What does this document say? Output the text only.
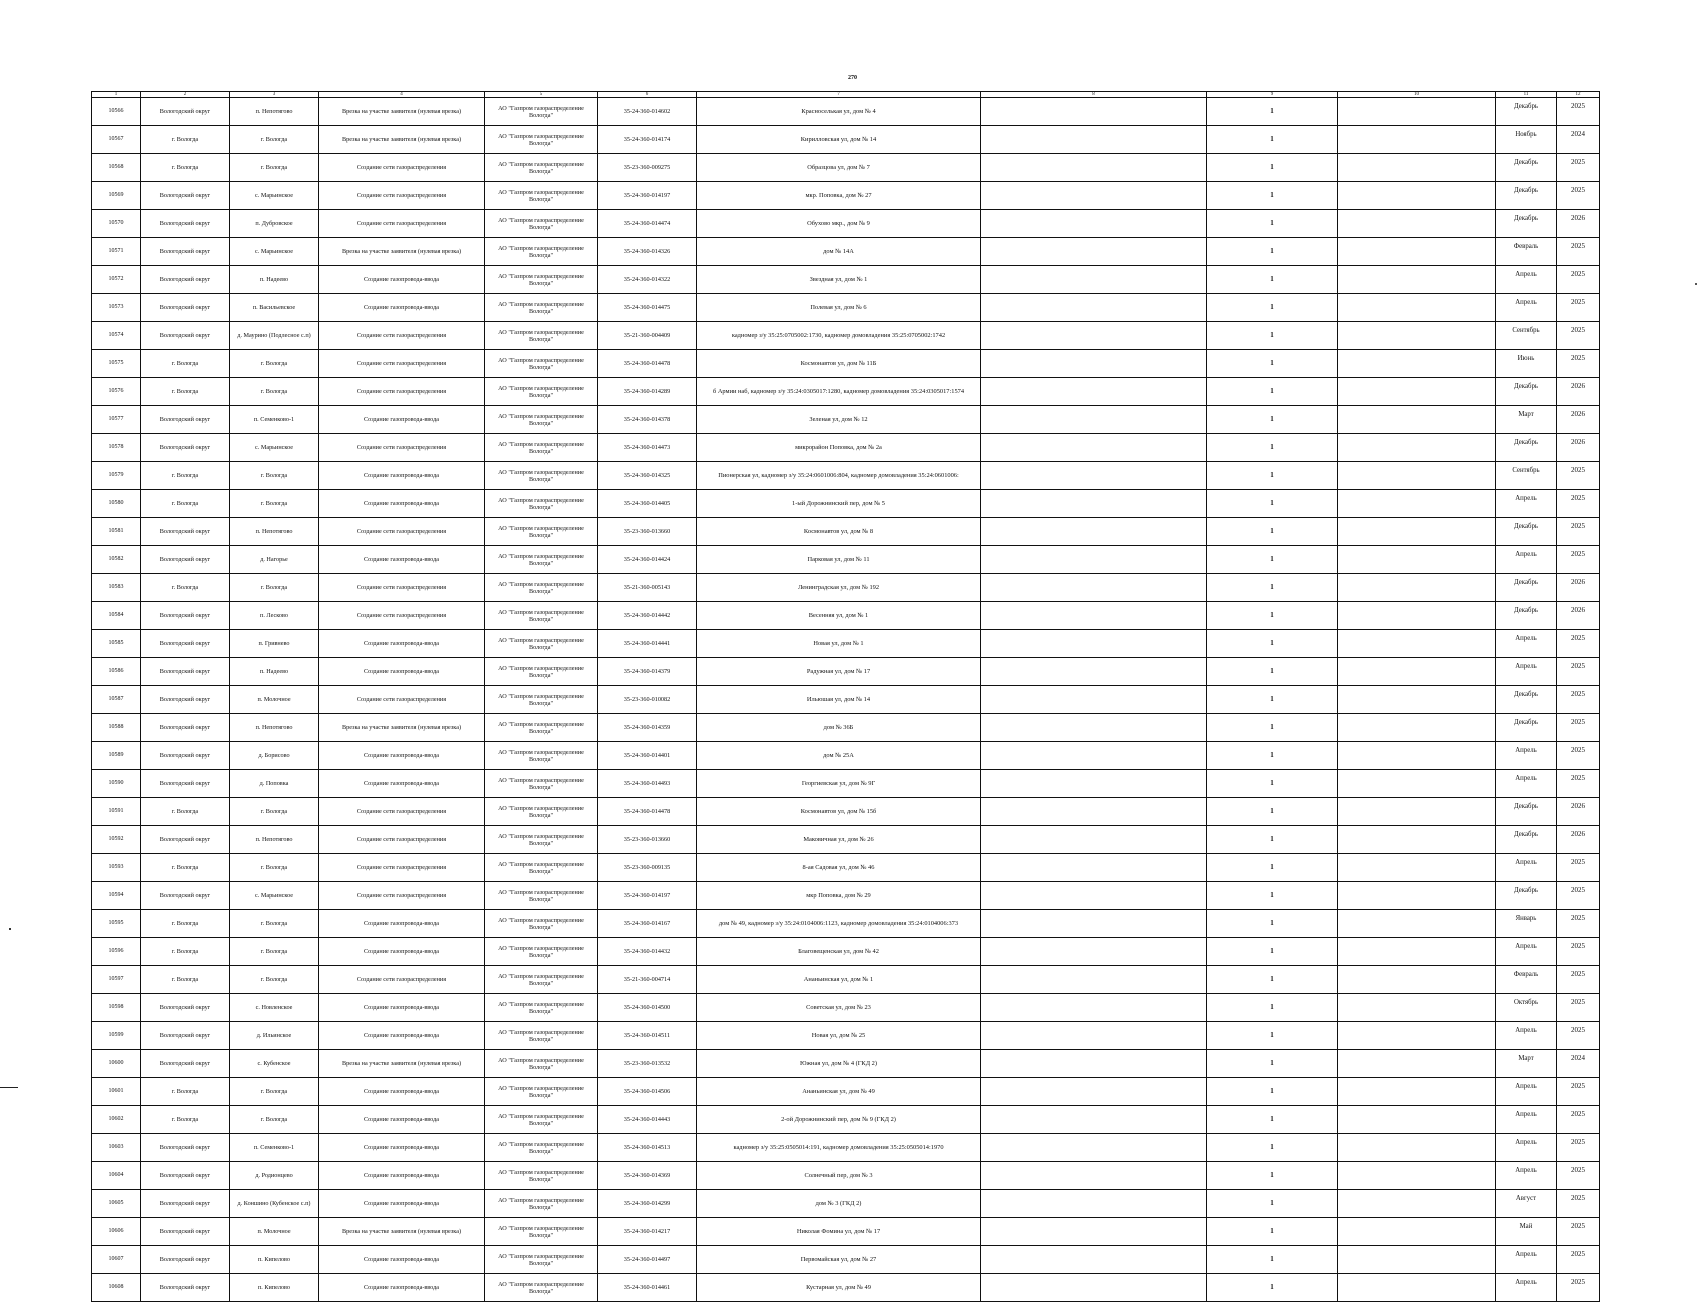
270
1	2	3	4	5	6	7	8	9	10	11	12
10566	Вологодский округ	п. Непотягово	Врезка на участке заявителя (нулевая врезка)	АО "Газпром газораспределение Вологда"	35-24-360-014602	Красноселькая ул, дом № 4		1		Декабрь	2025
10567	г. Вологда	г. Вологда	Врезка на участке заявителя (нулевая врезка)	АО "Газпром газораспределение Вологда"	35-24-360-014174	Кирилловская ул, дом № 14		1		Ноябрь	2024
10568	г. Вологда	г. Вологда	Создание сети газораспределения	АО "Газпром газораспределение Вологда"	35-23-360-009275	Образцова ул, дом № 7		1		Декабрь	2025
10569	Вологодский округ	с. Марьинское	Создание сети газораспределения	АО "Газпром газораспределение Вологда"	35-24-360-014197	мкр. Поповка, дом № 27		1		Декабрь	2025
10570	Вологодский округ	п. Дубровское	Создание сети газораспределения	АО "Газпром газораспределение Вологда"	35-24-360-014474	Обухово мкр., дом № 9		1		Декабрь	2026
10571	Вологодский округ	с. Марьинское	Врезка на участке заявителя (нулевая врезка)	АО "Газпром газораспределение Вологда"	35-24-360-014326	дом № 14А		1		Февраль	2025
10572	Вологодский округ	п. Надеево	Создание газопровода-ввода	АО "Газпром газораспределение Вологда"	35-24-360-014322	Звездная ул, дом № 1		1		Апрель	2025
10573	Вологодский округ	п. Васильевское	Создание газопровода-ввода	АО "Газпром газораспределение Вологда"	35-24-360-014475	Полевая ул, дом № 6		1		Апрель	2025
10574	Вологодский округ	д. Маурино (Подлесное с.п)	Создание сети газораспределения	АО "Газпром газораспределение Вологда"	35-21-360-004409	кадномер з/у 35:25:0705002:1730, кадномер домовладения 35:25:0705002:1742		1		Сентябрь	2025
10575	г. Вологда	г. Вологда	Создание сети газораспределения	АО "Газпром газораспределение Вологда"	35-24-360-014478	Космонавтов ул, дом № 11Б		1		Июнь	2025
10576	г. Вологда	г. Вологда	Создание сети газораспределения	АО "Газпром газораспределение Вологда"	35-24-360-014289	б Армии наб, кадномер з/у 35:24:0305017:1280, кадномер домовладения 35:24:0305017:1574		1		Декабрь	2026
10577	Вологодский округ	п. Семенково-1	Создание газопровода-ввода	АО "Газпром газораспределение Вологда"	35-24-360-014378	Зеленая ул, дом № 12		1		Март	2026
10578	Вологодский округ	с. Марьинское	Создание сети газораспределения	АО "Газпром газораспределение Вологда"	35-24-360-014473	микрорайон Поповка, дом № 2а		1		Декабрь	2026
10579	г. Вологда	г. Вологда	Создание газопровода-ввода	АО "Газпром газораспределение Вологда"	35-24-360-014325	Пионерская ул, кадномер з/у 35:24:0601006:804, кадномер домовладения 35:24:0601006:		1		Сентябрь	2025
10580	г. Вологда	г. Вологда	Создание газопровода-ввода	АО "Газпром газораспределение Вологда"	35-24-360-014405	1-ый Дорожнинский пер, дом № 5		1		Апрель	2025
10581	Вологодский округ	п. Непотягово	Создание сети газораспределения	АО "Газпром газораспределение Вологда"	35-23-360-013660	Космонавтов ул, дом № 8		1		Декабрь	2025
10582	Вологодский округ	д. Нагорье	Создание газопровода-ввода	АО "Газпром газораспределение Вологда"	35-24-360-014424	Парковая ул, дом № 11		1		Апрель	2025
10583	г. Вологда	г. Вологда	Создание сети газораспределения	АО "Газпром газораспределение Вологда"	35-21-360-005143	Ленинградская ул, дом № 192		1		Декабрь	2026
10584	Вологодский округ	п. Лесково	Создание сети газораспределения	АО "Газпром газораспределение Вологда"	35-24-360-014442	Весенняя ул, дом № 1		1		Декабрь	2026
10585	Вологодский округ	п. Гривнево	Создание газопровода-ввода	АО "Газпром газораспределение Вологда"	35-24-360-014441	Новая ул, дом № 1		1		Апрель	2025
10586	Вологодский округ	п. Надеево	Создание газопровода-ввода	АО "Газпром газораспределение Вологда"	35-24-360-014379	Радужная ул, дом № 17		1		Апрель	2025
10587	Вологодский округ	п. Молочное	Создание сети газораспределения	АО "Газпром газораспределение Вологда"	35-23-360-010082	Ильюшая ул, дом № 14		1		Декабрь	2025
10588	Вологодский округ	п. Непотягово	Врезка на участке заявителя (нулевая врезка)	АО "Газпром газораспределение Вологда"	35-24-360-014359	дом № 36Б		1		Декабрь	2025
10589	Вологодский округ	д. Борисово	Создание газопровода-ввода	АО "Газпром газораспределение Вологда"	35-24-360-014401	дом № 25А		1		Апрель	2025
10590	Вологодский округ	д. Поповка	Создание газопровода-ввода	АО "Газпром газораспределение Вологда"	35-24-360-014493	Георгиевская ул, дом № 9Г		1		Апрель	2025
10591	г. Вологда	г. Вологда	Создание сети газораспределения	АО "Газпром газораспределение Вологда"	35-24-360-014478	Космонавтов ул, дом № 15б		1		Декабрь	2026
10592	Вологодский округ	п. Непотягово	Создание сети газораспределения	АО "Газпром газораспределение Вологда"	35-23-360-013660	Маковичная ул, дом № 26		1		Декабрь	2026
10593	г. Вологда	г. Вологда	Создание сети газораспределения	АО "Газпром газораспределение Вологда"	35-23-360-009135	8-ая Садовая ул, дом № 46		1		Апрель	2025
10594	Вологодский округ	с. Марьинское	Создание сети газораспределения	АО "Газпром газораспределение Вологда"	35-24-360-014197	мкр Поповка, дом № 29		1		Декабрь	2025
10595	г. Вологда	г. Вологда	Создание газопровода-ввода	АО "Газпром газораспределение Вологда"	35-24-360-014167	дом № 49, кадномер з/у 35:24:0104006:1123, кадномер домовладения 35:24:0104006:373		1		Январь	2025
10596	г. Вологда	г. Вологда	Создание газопровода-ввода	АО "Газпром газораспределение Вологда"	35-24-360-014432	Благовещенская ул, дом № 42		1		Апрель	2025
10597	г. Вологда	г. Вологда	Создание сети газораспределения	АО "Газпром газораспределение Вологда"	35-21-360-004714	Ананьинская ул, дом № 1		1		Февраль	2025
10598	Вологодский округ	с. Новленское	Создание газопровода-ввода	АО "Газпром газораспределение Вологда"	35-24-360-014500	Советская ул, дом № 23		1		Октябрь	2025
10599	Вологодский округ	д. Ильинское	Создание газопровода-ввода	АО "Газпром газораспределение Вологда"	35-24-360-014511	Новая ул, дом № 25		1		Апрель	2025
10600	Вологодский округ	с. Кубенское	Врезка на участке заявителя (нулевая врезка)	АО "Газпром газораспределение Вологда"	35-23-360-013532	Южная ул, дом № 4 (ГКД 2)		1		Март	2024
10601	г. Вологда	г. Вологда	Создание газопровода-ввода	АО "Газпром газораспределение Вологда"	35-24-360-014506	Ананьинская ул, дом № 49		1		Апрель	2025
10602	г. Вологда	г. Вологда	Создание газопровода-ввода	АО "Газпром газораспределение Вологда"	35-24-360-014443	2-ой Дорожнинский пер, дом № 9 (ГКД 2)		1		Апрель	2025
10603	Вологодский округ	п. Семенково-1	Создание газопровода-ввода	АО "Газпром газораспределение Вологда"	35-24-360-014513	кадномер з/у 35:25:0505014:191, кадномер домовладения 35:25:0505014:1970		1		Апрель	2025
10604	Вологодский округ	д. Родионцево	Создание газопровода-ввода	АО "Газпром газораспределение Вологда"	35-24-360-014369	Солнечный пер, дом № 3		1		Апрель	2025
10605	Вологодский округ	д. Коншино (Кубенское с.п)	Создание газопровода-ввода	АО "Газпром газораспределение Вологда"	35-24-360-014299	дом № 3 (ГКД 2)		1		Август	2025
10606	Вологодский округ	п. Молочное	Врезка на участке заявителя (нулевая врезка)	АО "Газпром газораспределение Вологда"	35-24-360-014217	Николая Фомина ул, дом № 17		1		Май	2025
10607	Вологодский округ	п. Кипелово	Создание газопровода-ввода	АО "Газпром газораспределение Вологда"	35-24-360-014497	Первомайская ул, дом № 27		1		Апрель	2025
10608	Вологодский округ	п. Кипелово	Создание газопровода-ввода	АО "Газпром газораспределение Вологда"	35-24-360-014461	Кустарная ул, дом № 49		1		Апрель	2025
